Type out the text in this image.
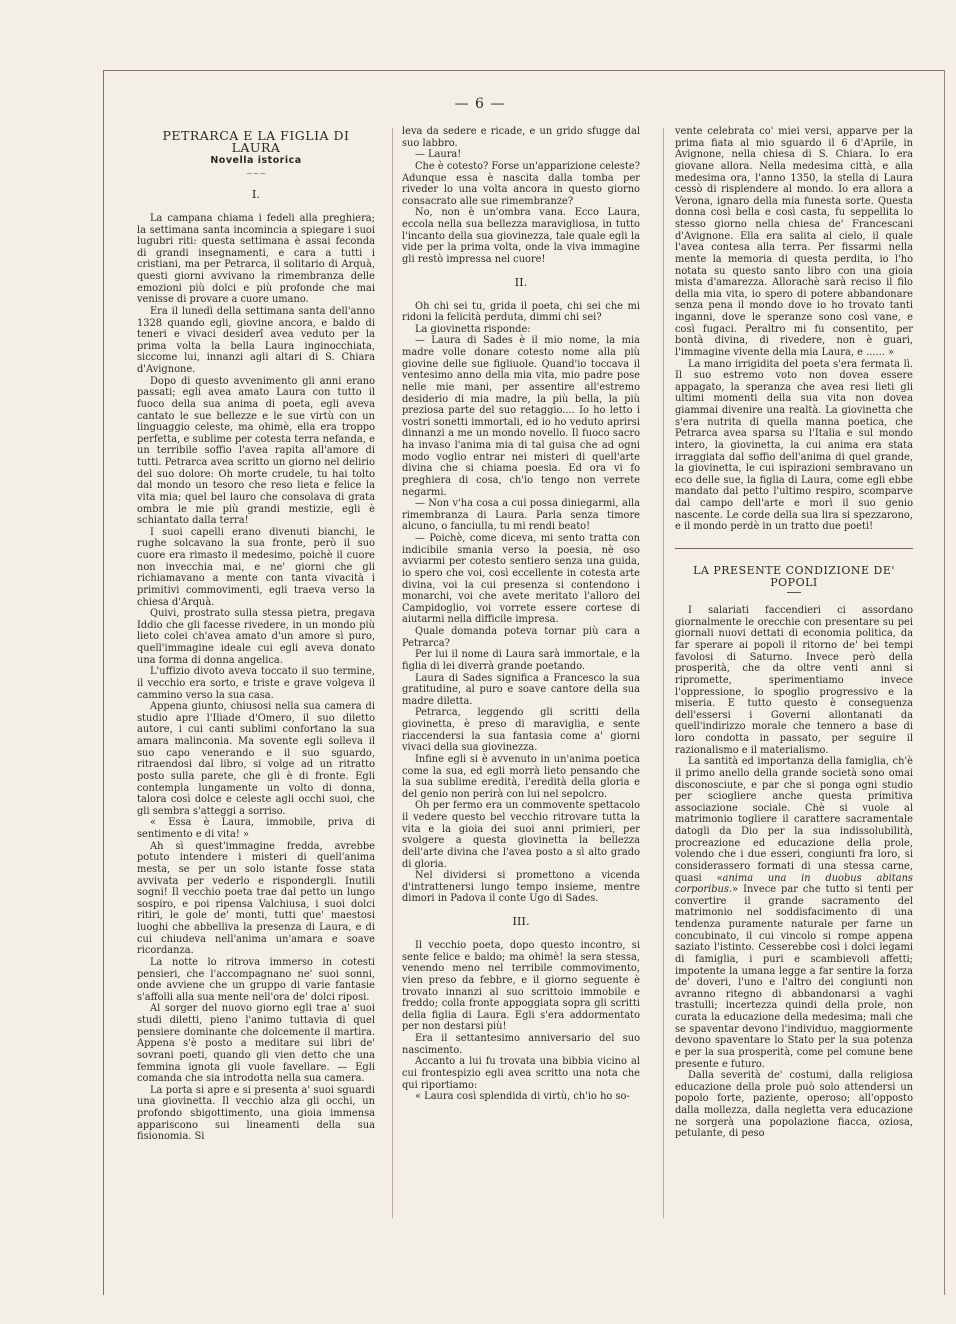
— 6 —
PETRARCA E LA FIGLIA DI LAURA
Novella istorica
~~~
I.

La campana chiama i fedeli alla preghiera; la settimana santa incomincia a spiegare i suoi lugubri riti: questa settimana è assai feconda di grandi insegnamenti, e cara a tutti i cristiani, ma per Petrarca, il solitario di Arquà, questi giorni avvivano la rimembranza delle emozioni più dolci e più profonde che mai venisse di provare a cuore umano.

Era il lunedì della settimana santa dell'anno 1328 quando egli, giovine ancora, e baldo di teneri e vivaci desiderî avea veduto per la prima volta la bella Laura inginocchiata, siccome lui, innanzi agli altari di S. Chiara d'Avignone.

Dopo di questo avvenimento gli anni erano passati; egli avea amato Laura con tutto il fuoco della sua anima di poeta, egli aveva cantato le sue bellezze e le sue virtù con un linguaggio celeste, ma ohimè, ella era troppo perfetta, e sublime per cotesta terra nefanda, e un terribile soffio l'avea rapita all'amore di tutti. Petrarca avea scritto un giorno nel delirio del suo dolore: Oh morte crudele, tu hai tolto dal mondo un tesoro che reso lieta e felice la vita mia; quel bel lauro che consolava di grata ombra le mie più grandi mestizie, egli è schiantato dalla terra!

I suoi capelli erano divenuti bianchi, le rughe solcavano la sua fronte, però il suo cuore era rimasto il medesimo, poichè il cuore non invecchia mai, e ne' giorni che gli richiamavano a mente con tanta vivacità i primitivi commovimenti, egli traeva verso la chiesa d'Arquà.

Quivi, prostrato sulla stessa pietra, pregava Iddio che gli facesse rivedere, in un mondo più lieto colei ch'avea amato d'un amore sì puro, quell'immagine ideale cui egli aveva donato una forma di donna angelica.

L'uffizio divoto aveva toccato il suo termine, il vecchio era sorto, e triste e grave volgeva il cammino verso la sua casa.

Appena giunto, chiusosi nella sua camera di studio apre l'Iliade d'Omero, il suo diletto autore, i cui canti sublimi confortano la sua amara malinconia. Ma sovente egli solleva il suo capo venerando e il suo sguardo, ritraendosi dal libro, si volge ad un ritratto posto sulla parete, che gli è di fronte. Egli contempla lungamente un volto di donna, talora così dolce e celeste agli occhi suoi, che gli sembra s'atteggi a sorriso.

« Essa è Laura, immobile, priva di sentimento e di vita! »

Ah sì quest'immagine fredda, avrebbe potuto intendere i misteri di quell'anima mesta, se per un solo istante fosse stata avvivata per vederlo e rispondergli. Inutili sogni! Il vecchio poeta trae dal petto un lungo sospiro, e poi ripensa Valchiusa, i suoi dolci ritiri, le gole de' monti, tutti que' maestosi luoghi che abbelliva la presenza di Laura, e di cui chiudeva nell'anima un'amara e soave ricordanza.

La notte lo ritrova immerso in cotesti pensieri, che l'accompagnano ne' suoi sonni, onde avviene che un gruppo di varie fantasie s'affolli alla sua mente nell'ora de' dolci riposi.

Al sorger del nuovo giorno egli trae a' suoi studi diletti, pieno l'animo tuttavia di quel pensiere dominante che dolcemente il martira. Appena s'è posto a meditare sui libri de' sovrani poeti, quando gli vien detto che una femmina ignota gli vuole favellare. — Egli comanda che sia introdotta nella sua camera.

La porta si apre e si presenta a' suoi sguardi una giovinetta. Il vecchio alza gli occhi, un profondo sbigottimento, una gioia immensa appariscono sui lineamenti della sua fisionomia. Si

leva da sedere e ricade, e un grido sfugge dal suo labbro.

— Laura!

Che è cotesto? Forse un'apparizione celeste? Adunque essa è nascita dalla tomba per riveder lo una volta ancora in questo giorno consacrato alle sue rimembranze?

No, non è un'ombra vana. Ecco Laura, eccola nella sua bellezza maravigliosa, in tutto l'incanto della sua giovinezza, tale quale egli la vide per la prima volta, onde la viva immagine gli restò impressa nel cuore!

II.

Oh chi sei tu, grida il poeta, chi sei che mi ridoni la felicità perduta, dimmi chi sei?

La giovinetta risponde:

— Laura di Sades è il mio nome, la mia madre volle donare cotesto nome alla più giovine delle sue figliuole. Quand'io toccava il ventesimo anno della mia vita, mio padre pose nelle mie mani, per assentire all'estremo desiderio di mia madre, la più bella, la più preziosa parte del suo retaggio.... Io ho letto i vostri sonetti immortali, ed io ho veduto aprirsi dinnanzi a me un mondo novello. Il fuoco sacro ha invaso l'anima mia di tal guisa che ad ogni modo voglio entrar nei misteri di quell'arte divina che si chiama poesia. Ed ora vi fo preghiera di cosa, ch'io tengo non verrete negarmi.

— Non v'ha cosa a cui possa diniegarmi, alla rimembranza di Laura. Parla senza timore alcuno, o fanciulla, tu mi rendi beato!

— Poichè, come diceva, mi sento tratta con indicibile smania verso la poesia, nè oso avviarmi per cotesto sentiero senza una guida, io spero che voi, così eccellente in cotesta arte divina, voi la cui presenza si contendono i monarchi, voi che avete meritato l'alloro del Campidoglio, voi vorrete essere cortese di aiutarmi nella difficile impresa.

Quale domanda poteva tornar più cara a Petrarca?

Per lui il nome di Laura sarà immortale, e la figlia di lei diverrà grande poetando.

Laura di Sades significa a Francesco la sua gratitudine, al puro e soave cantore della sua madre diletta.

Petrarca, leggendo gli scritti della giovinetta, è preso di maraviglia, e sente riaccendersi la sua fantasia come a' giorni vivaci della sua giovinezza.

Infine egli si è avvenuto in un'anima poetica come la sua, ed egli morrà lieto pensando che la sua sublime eredità, l'eredità della gloria e del genio non perirà con lui nel sepolcro.

Oh per fermo era un commovente spettacolo il vedere questo bel vecchio ritrovare tutta la vita e la gioia dei suoi anni primieri, per svolgere a questa giovinetta la bellezza dell'arte divina che l'avea posto a sì alto grado di gloria.

Nel dividersi si promettono a vicenda d'intrattenersi lungo tempo insieme, mentre dimori in Padova il conte Ugo di Sades.

III.

Il vecchio poeta, dopo questo incontro, si sente felice e baldo; ma ohimè! la sera stessa, venendo meno nel terribile commovimento, vien preso da febbre, e il giorno seguente è trovato innanzi al suo scrittoio immobile e freddo; colla fronte appoggiata sopra gli scritti della figlia di Laura. Egli s'era addormentato per non destarsi più!

Era il settantesimo anniversario del suo nascimento.

Accanto a lui fu trovata una bibbia vicino al cui frontespizio egli avea scritto una nota che qui riportiamo:

« Laura così splendida di virtù, ch'io ho so-

vente celebrata co' miei versi, apparve per la prima fiata al mio sguardo il 6 d'Aprile, in Avignone, nella chiesa di S. Chiara. Io era giovane allora. Nella medesima città, e alla medesima ora, l'anno 1350, la stella di Laura cessò di risplendere al mondo. Io era allora a Verona, ignaro della mia funesta sorte. Questa donna così bella e così casta, fu seppellita lo stesso giorno nella chiesa de' Francescani d'Avignone. Ella era salita al cielo, il quale l'avea contesa alla terra. Per fissarmi nella mente la memoria di questa perdita, io l'ho notata su questo santo libro con una gioia mista d'amarezza. Allorachè sarà reciso il filo della mia vita, io spero di potere abbandonare senza pena il mondo dove io ho trovato tanti inganni, dove le speranze sono così vane, e così fugaci. Peraltro mi fu consentito, per bontà divina, di rivedere, non è guari, l'immagine vivente della mia Laura, e ...... »

La mano irrigidita del poeta s'era fermata lì. Il suo estremo voto non dovea essere appagato, la speranza che avea resi lieti gli ultimi momenti della sua vita non dovea giammai divenire una realtà. La giovinetta che s'era nutrita di quella manna poetica, che Petrarca avea sparsa su l'Italia e sul mondo intero, la giovinetta, la cui anima era stata irraggiata dal soffio dell'anima di quel grande, la giovinetta, le cui ispirazioni sembravano un eco delle sue, la figlia di Laura, come egli ebbe mandato dal petto l'ultimo respiro, scomparve dal campo dell'arte e morì il suo genio nascente. Le corde della sua lira si spezzarono, e il mondo perdè in un tratto due poeti!

LA PRESENTE CONDIZIONE DE' POPOLI

I salariati faccendieri ci assordano giornalmente le orecchie con presentare su pei giornali nuovi dettati di economia politica, da far sperare ai popoli il ritorno de' bei tempi favolosi di Saturno. Invece però della prosperità, che da oltre venti anni si ripromette, sperimentiamo invece l'oppressione, lo spoglio progressivo e la miseria. E tutto questo è conseguenza dell'essersi i Governi allontanati da quell'indirizzo morale che tennero a base di loro condotta in passato, per seguire il razionalismo e il materialismo.

La santità ed importanza della famiglia, ch'è il primo anello della grande società sono omai disconosciute, e par che si ponga ogni studio per sciogliere anche questa primitiva associazione sociale. Chè si vuole al matrimonio togliere il carattere sacramentale datogli da Dio per la sua indissolubilità, procreazione ed educazione della prole, volendo che i due esseri, congiunti fra loro, si considerassero formati di una stessa carne, quasi «anima una in duobus abitans corporibus.» Invece par che tutto si tenti per convertire il grande sacramento del matrimonio nel soddisfacimento di una tendenza puramente naturale per farne un concubinato, il cui vincolo si rompe appena saziato l'istinto. Cesserebbe così i dolci legami di famiglia, i puri e scambievoli affetti; impotente la umana legge a far sentire la forza de' doveri, l'uno e l'altro dei congiunti non avranno ritegno di abbandonarsi a vaghi trastulli; incertezza quindi della prole, non curata la educazione della medesima; mali che se spaventar devono l'individuo, maggiormente devono spaventare lo Stato per la sua potenza e per la sua prosperità, come pel comune bene presente e futuro.

Dalla severità de' costumi, dalla religiosa educazione della prole può solo attendersi un popolo forte, paziente, operoso; all'opposto dalla mollezza, dalla negletta vera educazione ne sorgerà una popolazione fiacca, oziosa, petulante, di peso
